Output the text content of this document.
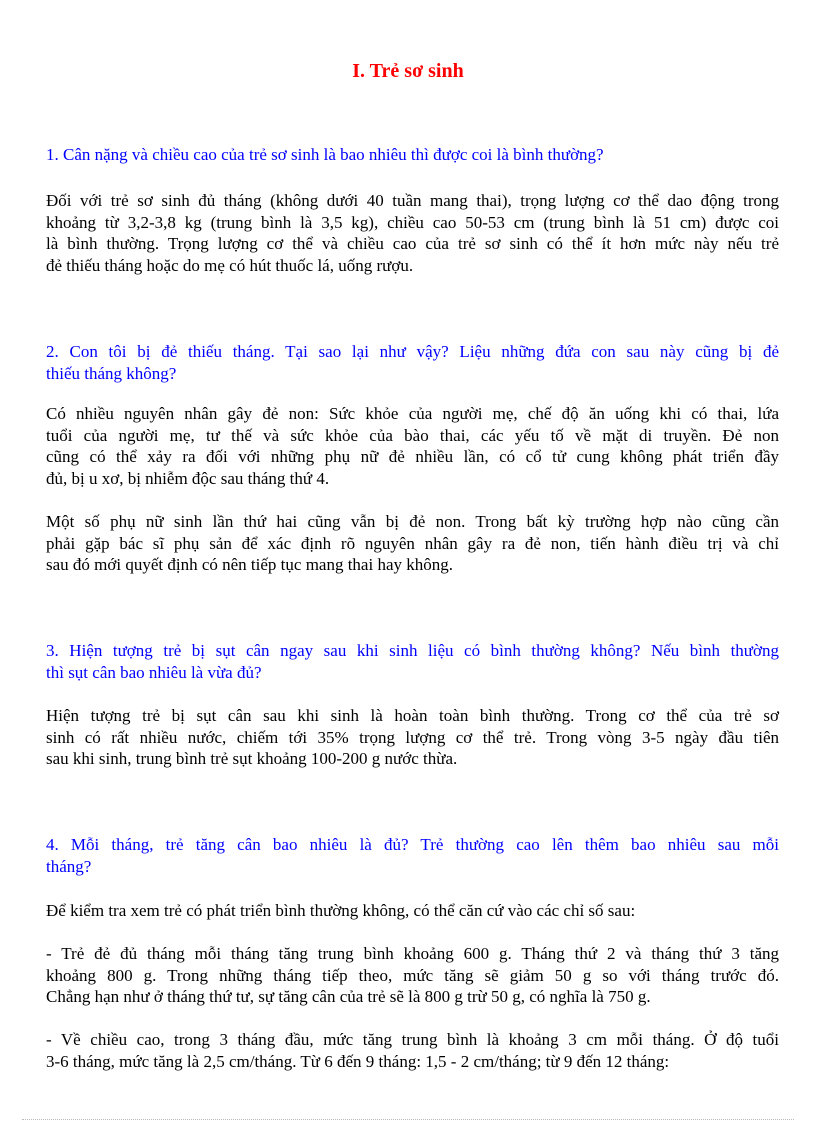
I. Trẻ sơ sinh
1. Cân nặng và chiều cao của trẻ sơ sinh là bao nhiêu thì được coi là bình thường?
Đối với trẻ sơ sinh đủ tháng (không dưới 40 tuần mang thai), trọng lượng cơ thể dao động trong
khoảng từ 3,2-3,8 kg (trung bình là 3,5 kg), chiều cao 50-53 cm (trung bình là 51 cm) được coi
là bình thường. Trọng lượng cơ thể và chiều cao của trẻ sơ sinh có thể ít hơn mức này nếu trẻ
đẻ thiếu tháng hoặc do mẹ có hút thuốc lá, uống rượu.
2. Con tôi bị đẻ thiếu tháng. Tại sao lại như vậy? Liệu những đứa con sau này cũng bị đẻ
thiếu tháng không?
Có nhiều nguyên nhân gây đẻ non: Sức khỏe của người mẹ, chế độ ăn uống khi có thai, lứa
tuổi của người mẹ, tư thế và sức khỏe của bào thai, các yếu tố về mặt di truyền. Đẻ non
cũng có thể xảy ra đối với những phụ nữ đẻ nhiều lần, có cổ tử cung không phát triển đầy
đủ, bị u xơ, bị nhiễm độc sau tháng thứ 4.
Một số phụ nữ sinh lần thứ hai cũng vẫn bị đẻ non. Trong bất kỳ trường hợp nào cũng cần
phải gặp bác sĩ phụ sản để xác định rõ nguyên nhân gây ra đẻ non, tiến hành điều trị và chỉ
sau đó mới quyết định có nên tiếp tục mang thai hay không.
3. Hiện tượng trẻ bị sụt cân ngay sau khi sinh liệu có bình thường không? Nếu bình thường
thì sụt cân bao nhiêu là vừa đủ?
Hiện tượng trẻ bị sụt cân sau khi sinh là hoàn toàn bình thường. Trong cơ thể của trẻ sơ
sinh có rất nhiều nước, chiếm tới 35% trọng lượng cơ thể trẻ. Trong vòng 3-5 ngày đầu tiên
sau khi sinh, trung bình trẻ sụt khoảng 100-200 g nước thừa.
4. Mỗi tháng, trẻ tăng cân bao nhiêu là đủ? Trẻ thường cao lên thêm bao nhiêu sau mỗi
tháng?
Để kiểm tra xem trẻ có phát triển bình thường không, có thể căn cứ vào các chỉ số sau:
- Trẻ đẻ đủ tháng mỗi tháng tăng trung bình khoảng 600 g. Tháng thứ 2 và tháng thứ 3 tăng
khoảng 800 g. Trong những tháng tiếp theo, mức tăng sẽ giảm 50 g so với tháng trước đó.
Chẳng hạn như ở tháng thứ tư, sự tăng cân của trẻ sẽ là 800 g trừ 50 g, có nghĩa là 750 g.
- Về chiều cao, trong 3 tháng đầu, mức tăng trung bình là khoảng 3 cm mỗi tháng. Ở độ tuổi
3-6 tháng, mức tăng là 2,5 cm/tháng. Từ 6 đến 9 tháng: 1,5 - 2 cm/tháng; từ 9 đến 12 tháng:
